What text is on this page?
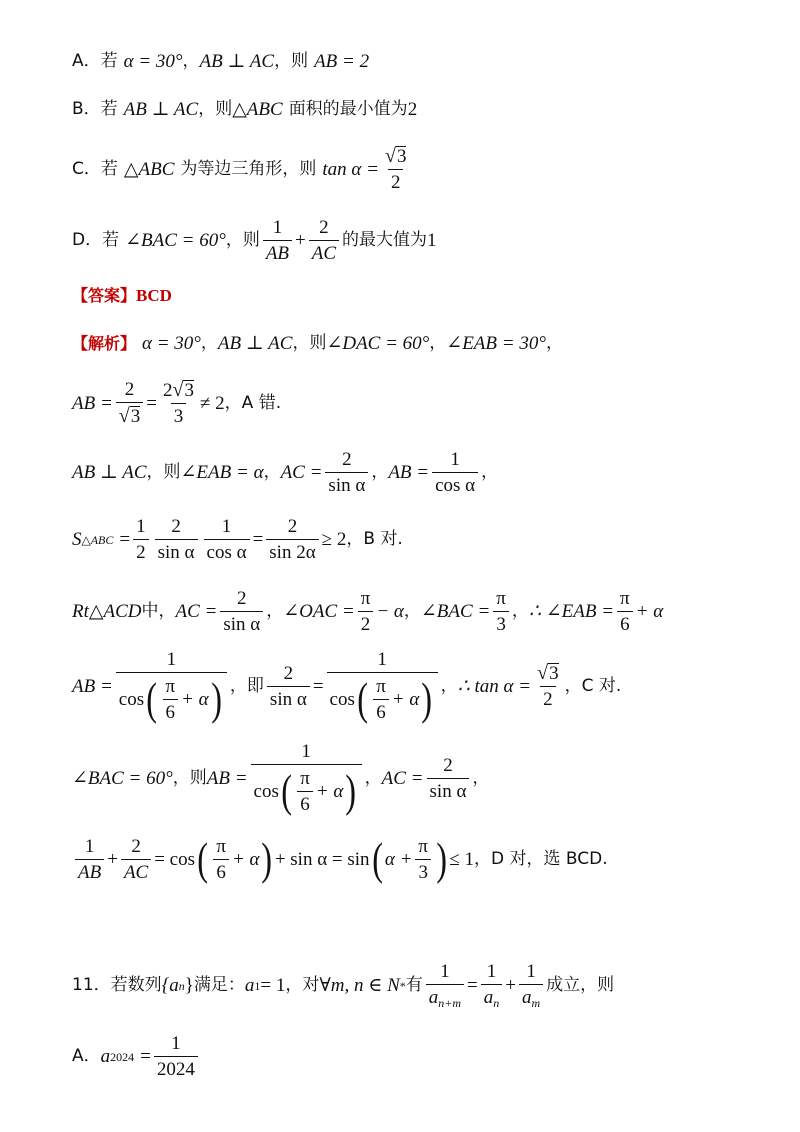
A．若 α = 30° ， AB ⊥ AC ， 则 AB = 2
B．若 AB ⊥ AC ， 则 △ABC 面积的最小值为 2
C．若 △ABC 为等边三角形 ， 则 $\tan \alpha = \frac{√ 3}{2}$
D．若 ∠BAC = 60° ， 则 $\frac{1}{AB} + \frac{2}{AC}$ 的最大值为 1
【答案】 BCD
【解析】 α = 30° ， AB ⊥ AC ， 则 ∠DAC = 60° ， ∠EAB = 30° ，
AB = $\frac{2}{√ 3} = \frac{2 √ 3}{3} \ne 2$ ， A 错.
AB ⊥ AC ， 则 ∠EAB = α ， AC = $\frac{2}{\text{sin α}}$ ， AB = $\frac{1}{\text{cos α}}$ ，
S △ABC = $\frac{1}{2} \frac{2}{\text{sin α}} \frac{1}{\text{cos α}} = \frac{2}{\sin 2\alpha} \ge 2$ ， B 对.
Rt△ACD 中 ， AC = $\frac{2}{\text{sin α}}$ ， ∠OAC = $\frac{\pi}{2} - \alpha$ ， ∠BAC = $\frac{\pi}{3}$ ， ∴ ∠EAB = $\frac{\pi}{6} + \alpha$
AB = $\frac{1}{\cos ( \frac{\pi}{6} + \alpha )}$ ， 即 $\frac{2}{\text{sin α}} = \frac{1}{\cos ( \frac{\pi}{6} + \alpha )}$ ， ∴ $\tan \alpha = \frac{√ 3}{2}$ ， C 对.
∠BAC = 60° ， 则 AB = $\frac{1}{\cos ( \frac{\pi}{6} + \alpha )}$ ， AC = $\frac{2}{\text{sin α}}$ ，
$\frac{1}{AB} + \frac{2}{AC} = \cos$ ( $\frac{\pi}{6} + \alpha$ ) + sin α = sin ( $\alpha + \frac{\pi}{3}$ ) ≤ 1 ， D 对，选 BCD.
11．若数列 {a n } 满足： a 1 = 1 ， 对 ∀m, n ∈ N * 有 $\frac{1}{a_{n+m}} = \frac{1}{a_n} + \frac{1}{a_m}$ 成立，则
A． a $2024 = \frac{1}{2024}$
